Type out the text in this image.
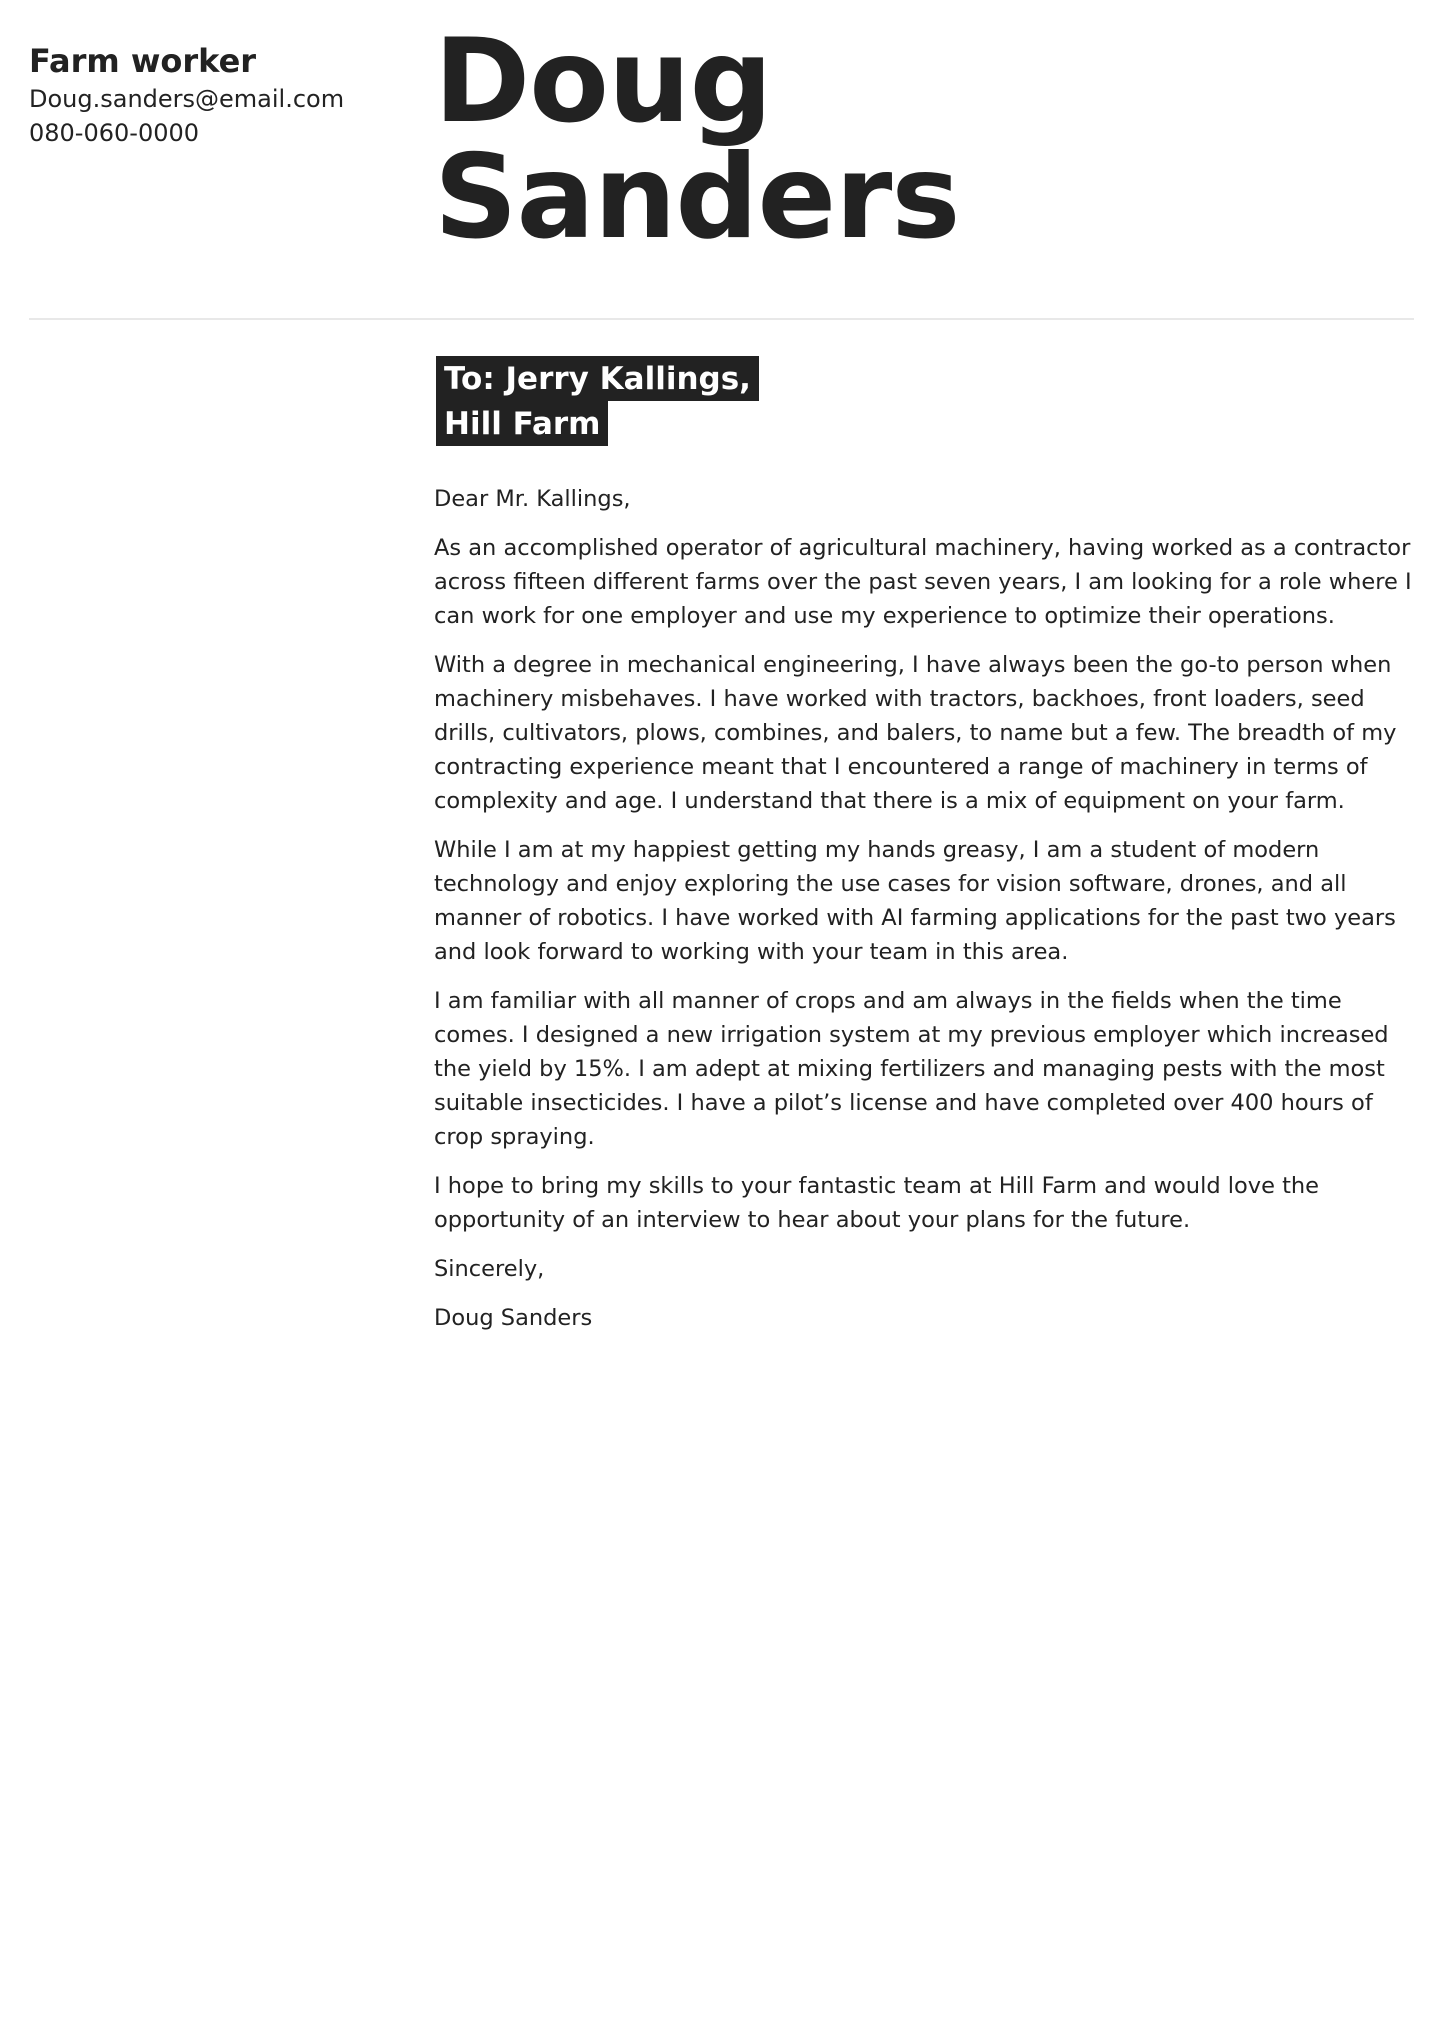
Farm worker

Doug.sanders@email.com

080-060-0000	Doug
Sanders
To: Jerry Kallings,
Hill Farm

Dear Mr. Kallings,

As an accomplished operator of agricultural machinery, having worked as a contractor across fifteen different farms over the past seven years, I am looking for a role where I can work for one employer and use my experience to optimize their operations.

With a degree in mechanical engineering, I have always been the go-to person when machinery misbehaves. I have worked with tractors, backhoes, front loaders, seed drills, cultivators, plows, combines, and balers, to name but a few. The breadth of my contracting experience meant that I encountered a range of machinery in terms of complexity and age. I understand that there is a mix of equipment on your farm.

While I am at my happiest getting my hands greasy, I am a student of modern technology and enjoy exploring the use cases for vision software, drones, and all manner of robotics. I have worked with AI farming applications for the past two years and look forward to working with your team in this area.

I am familiar with all manner of crops and am always in the fields when the time comes. I designed a new irrigation system at my previous employer which increased the yield by 15%. I am adept at mixing fertilizers and managing pests with the most suitable insecticides. I have a pilot’s license and have completed over 400 hours of crop spraying.

I hope to bring my skills to your fantastic team at Hill Farm and would love the opportunity of an interview to hear about your plans for the future.

Sincerely,

Doug Sanders
